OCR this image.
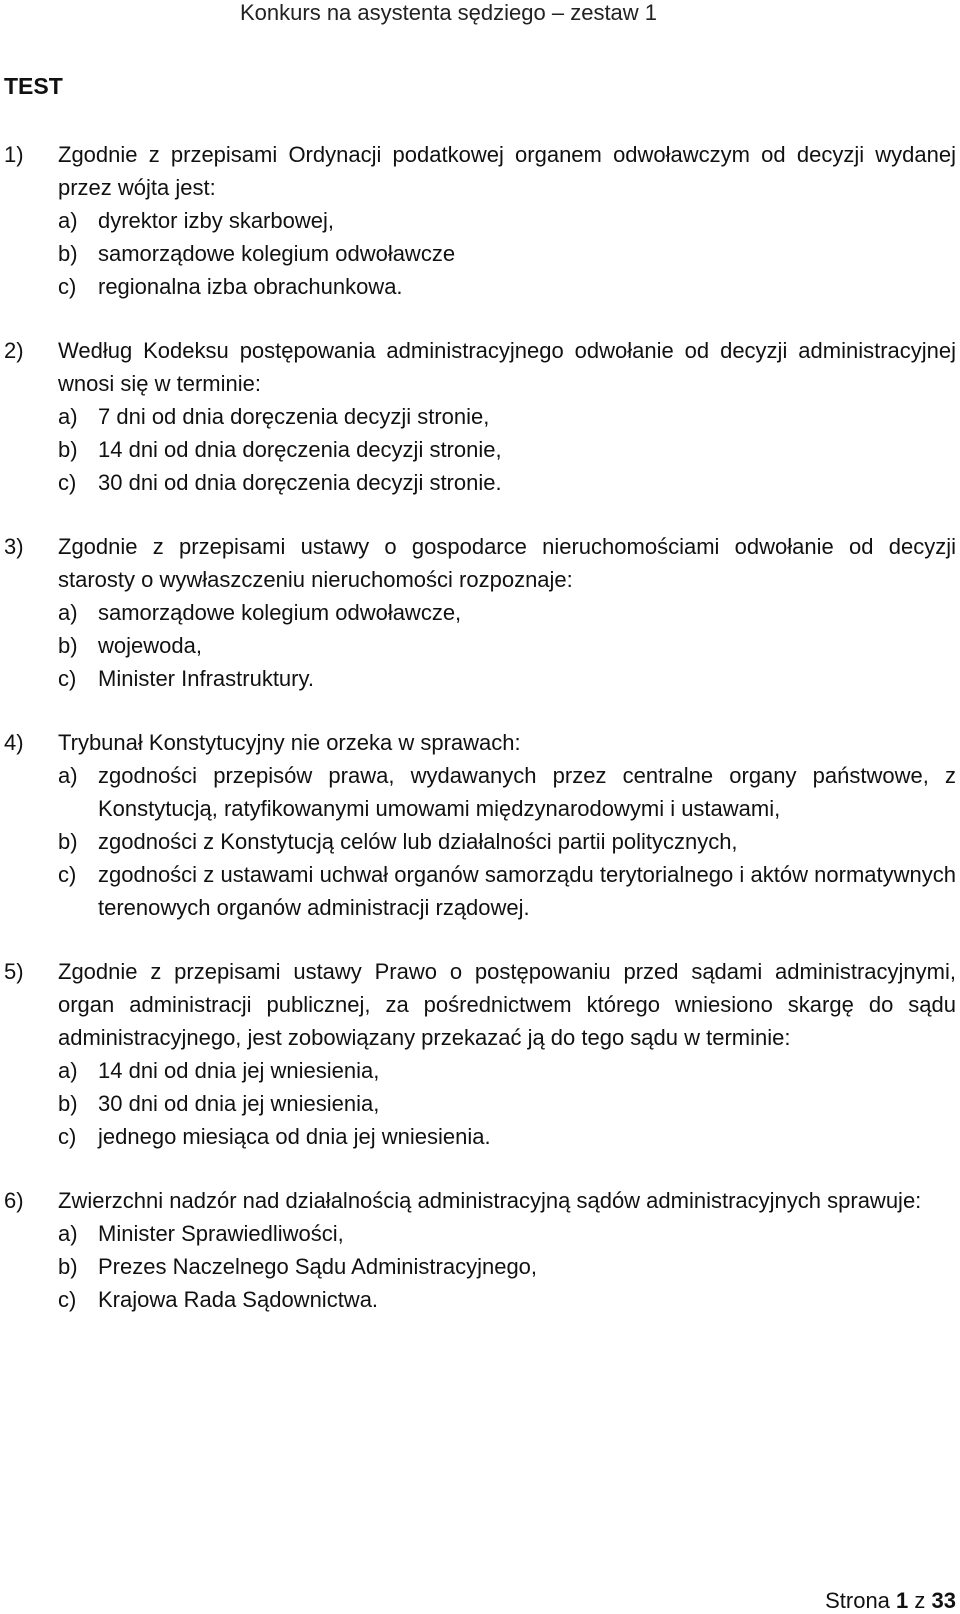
Konkurs na asystenta sędziego – zestaw 1
TEST
1)	Zgodnie z przepisami Ordynacji podatkowej organem odwoławczym od decyzji wydanej przez wójta jest:
a) dyrektor izby skarbowej,
b) samorządowe kolegium odwoławcze
c) regionalna izba obrachunkowa.
2)	Według Kodeksu postępowania administracyjnego odwołanie od decyzji administracyjnej wnosi się w terminie:
a) 7 dni od dnia doręczenia decyzji stronie,
b) 14 dni od dnia doręczenia decyzji stronie,
c) 30 dni od dnia doręczenia decyzji stronie.
3)	Zgodnie z przepisami ustawy o gospodarce nieruchomościami odwołanie od decyzji starosty o wywłaszczeniu nieruchomości rozpoznaje:
a) samorządowe kolegium odwoławcze,
b) wojewoda,
c) Minister Infrastruktury.
4)	Trybunał Konstytucyjny nie orzeka w sprawach:
a) zgodności przepisów prawa, wydawanych przez centralne organy państwowe, z Konstytucją, ratyfikowanymi umowami międzynarodowymi i ustawami,
b) zgodności z Konstytucją celów lub działalności partii politycznych,
c) zgodności z ustawami uchwał organów samorządu terytorialnego i aktów normatywnych terenowych organów administracji rządowej.
5)	Zgodnie z przepisami ustawy Prawo o postępowaniu przed sądami administracyjnymi, organ administracji publicznej, za pośrednictwem którego wniesiono skargę do sądu administracyjnego, jest zobowiązany przekazać ją do tego sądu w terminie:
a) 14 dni od dnia jej wniesienia,
b) 30 dni od dnia jej wniesienia,
c) jednego miesiąca od dnia jej wniesienia.
6)	Zwierzchni nadzór nad działalnością administracyjną sądów administracyjnych sprawuje:
a) Minister Sprawiedliwości,
b) Prezes Naczelnego Sądu Administracyjnego,
c) Krajowa Rada Sądownictwa.
Strona 1 z 33
